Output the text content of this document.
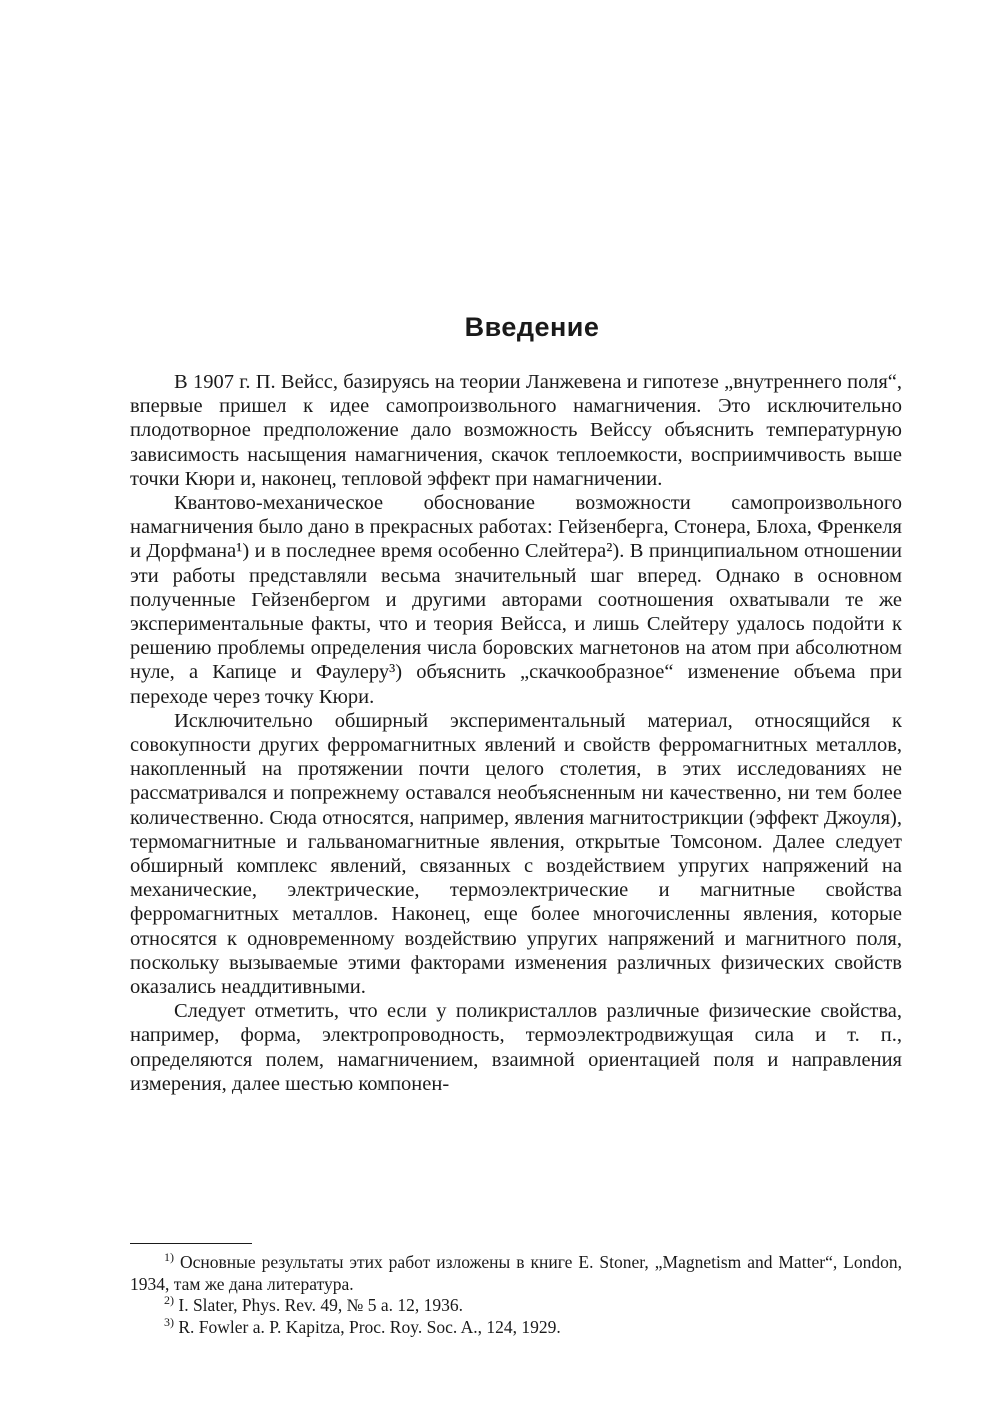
Введение

В 1907 г. П. Вейсс, базируясь на теории Ланжевена и гипотезе „внутреннего поля“, впервые пришел к идее самопроизвольного намагничения. Это исключительно плодотворное предположение дало возможность Вейссу объяснить температурную зависимость насыщения намагничения, скачок теплоемкости, восприимчивость выше точки Кюри и, наконец, тепловой эффект при намагничении.

Квантово-механическое обоснование возможности самопроизвольного намагничения было дано в прекрасных работах: Гейзенберга, Стонера, Блоха, Френкеля и Дорфмана¹) и в последнее время особенно Слейтера²). В принципиальном отношении эти работы представляли весьма значительный шаг вперед. Однако в основном полученные Гейзенбергом и другими авторами соотношения охватывали те же экспериментальные факты, что и теория Вейсса, и лишь Слейтеру удалось подойти к решению проблемы определения числа боровских магнетонов на атом при абсолютном нуле, а Капице и Фаулеру³) объяснить „скачкообразное“ изменение объема при переходе через точку Кюри.

Исключительно обширный экспериментальный материал, относящийся к совокупности других ферромагнитных явлений и свойств ферромагнитных металлов, накопленный на протяжении почти целого столетия, в этих исследованиях не рассматривался и попрежнему оставался необъясненным ни качественно, ни тем более количественно. Сюда относятся, например, явления магнитострикции (эффект Джоуля), термомагнитные и гальваномагнитные явления, открытые Томсоном. Далее следует обширный комплекс явлений, связанных с воздействием упругих напряжений на механические, электрические, термоэлектрические и магнитные свойства ферромагнитных металлов. Наконец, еще более многочисленны явления, которые относятся к одновременному воздействию упругих напряжений и магнитного поля, поскольку вызываемые этими факторами изменения различных физических свойств оказались неаддитивными.

Следует отметить, что если у поликристаллов различные физические свойства, например, форма, электропроводность, термоэлектродвижущая сила и т. п., определяются полем, намагничением, взаимной ориентацией поля и направления измерения, далее шестью компонен-

$^{1)}$ Основные результаты этих работ изложены в книге E. Stoner, „Magnetism and Matter“, London, 1934, там же дана литература.

$^{2)}$ I. Slater, Phys. Rev. 49, № 5 a. 12, 1936.

$^{3)}$ R. Fowler a. P. Kapitza, Proc. Roy. Soc. A., 124, 1929.
